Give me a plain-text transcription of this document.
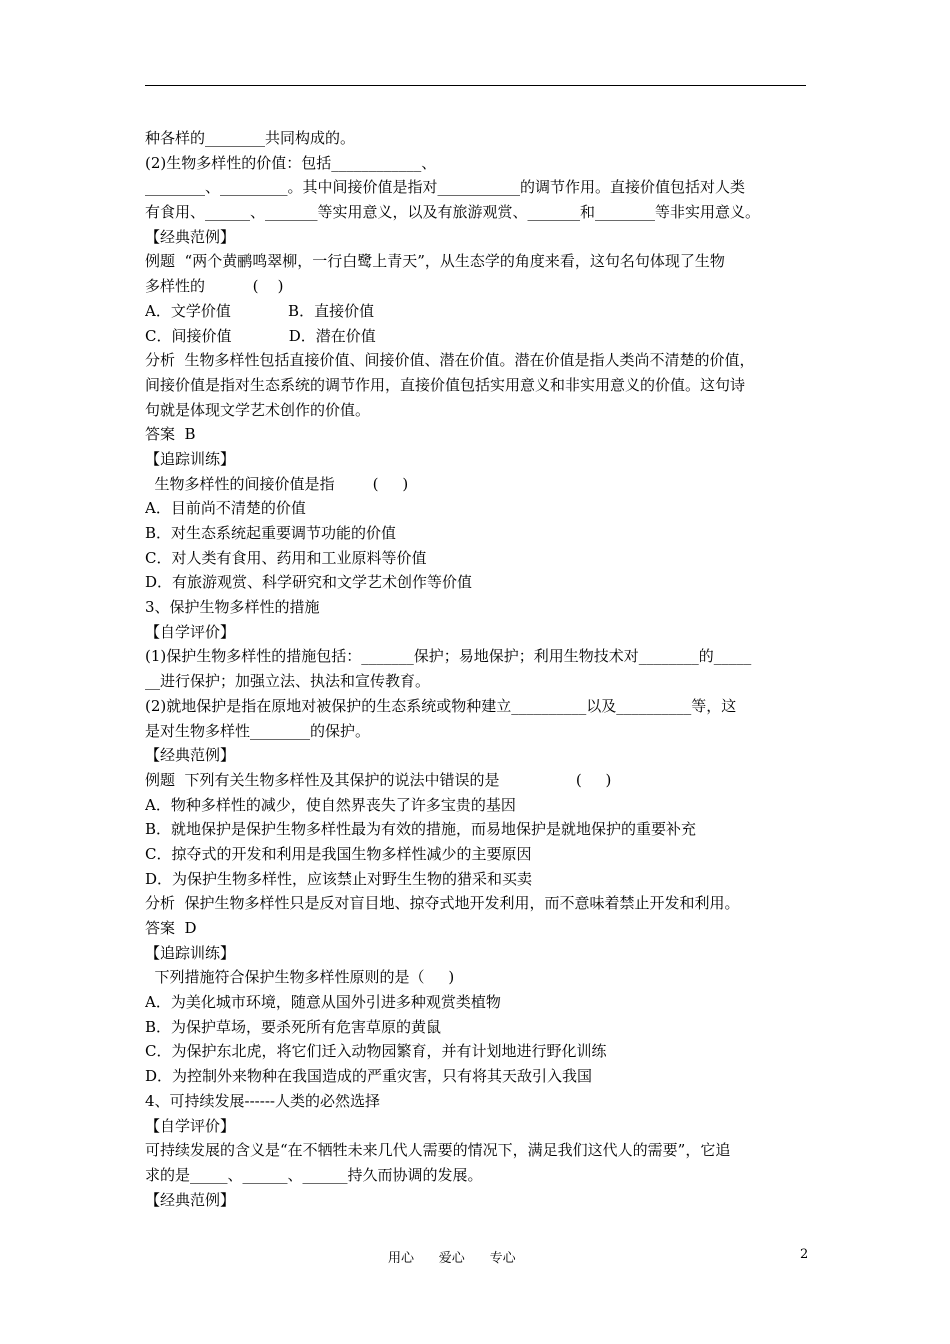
种各样的________共同构成的。
(2)生物多样性的价值：包括____________、
________、_________。其中间接价值是指对___________的调节作用。直接价值包括对人类
有食用、______、_______等实用意义，以及有旅游观赏、_______和________等非实用意义。
【经典范例】
例题  “两个黄鹂鸣翠柳，一行白鹭上青天”，从生态学的角度来看，这句名句体现了生物
多样性的          (    )
A．文学价值            B．直接价值
C．间接价值            D．潜在价值
分析  生物多样性包括直接价值、间接价值、潜在价值。潜在价值是指人类尚不清楚的价值，
间接价值是指对生态系统的调节作用，直接价值包括实用意义和非实用意义的价值。这句诗
句就是体现文学艺术创作的价值。
答案  B
【追踪训练】
生物多样性的间接价值是指        (     )
A．目前尚不清楚的价值
B．对生态系统起重要调节功能的价值
C．对人类有食用、药用和工业原料等价值
D．有旅游观赏、科学研究和文学艺术创作等价值
3、保护生物多样性的措施
【自学评价】
(1)保护生物多样性的措施包括：_______保护；易地保护；利用生物技术对________的_____
__进行保护；加强立法、执法和宣传教育。
(2)就地保护是指在原地对被保护的生态系统或物种建立__________以及__________等，这
是对生物多样性________的保护。
【经典范例】
例题  下列有关生物多样性及其保护的说法中错误的是                (     )
A．物种多样性的减少，使自然界丧失了许多宝贵的基因
B．就地保护是保护生物多样性最为有效的措施，而易地保护是就地保护的重要补充
C．掠夺式的开发和利用是我国生物多样性减少的主要原因
D．为保护生物多样性，应该禁止对野生生物的猎采和买卖
分析  保护生物多样性只是反对盲目地、掠夺式地开发利用，而不意味着禁止开发和利用。
答案  D
【追踪训练】
下列措施符合保护生物多样性原则的是（     )
A．为美化城市环境，随意从国外引进多种观赏类植物
B．为保护草场，要杀死所有危害草原的黄鼠
C．为保护东北虎，将它们迁入动物园繁育，并有计划地进行野化训练
D．为控制外来物种在我国造成的严重灾害，只有将其天敌引入我国
4、可持续发展------人类的必然选择
【自学评价】
可持续发展的含义是“在不牺牲未来几代人需要的情况下，满足我们这代人的需要”，它追
求的是_____、______、______持久而协调的发展。
【经典范例】
用心      爱心      专心	2
